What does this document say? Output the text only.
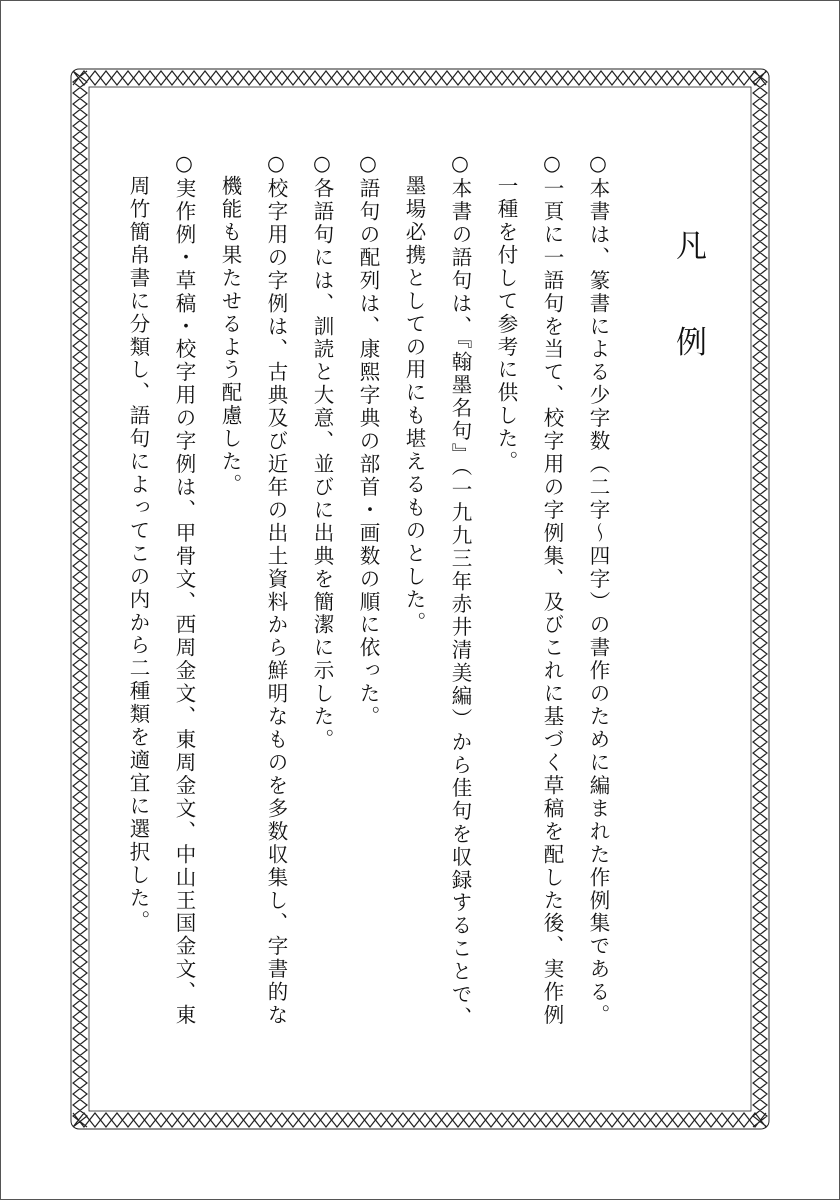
凡 例

○本書は、篆書による少字数（二字〜四字）の書作のために編まれた作例集である。

○一頁に一語句を当て、校字用の字例集、及びこれに基づく草稿を配した後、実作例

一種を付して参考に供した。

○本書の語句は、『翰墨名句』（一九九三年赤井清美編）から佳句を収録することで、

墨場必携としての用にも堪えるものとした。

○語句の配列は、康熙字典の部首・画数の順に依った。

○各語句には、訓読と大意、並びに出典を簡潔に示した。

○校字用の字例は、古典及び近年の出土資料から鮮明なものを多数収集し、字書的な

機能も果たせるよう配慮した。

○実作例・草稿・校字用の字例は、甲骨文、西周金文、東周金文、中山王国金文、東

周竹簡帛書に分類し、語句によってこの内から二種類を適宜に選択した。
